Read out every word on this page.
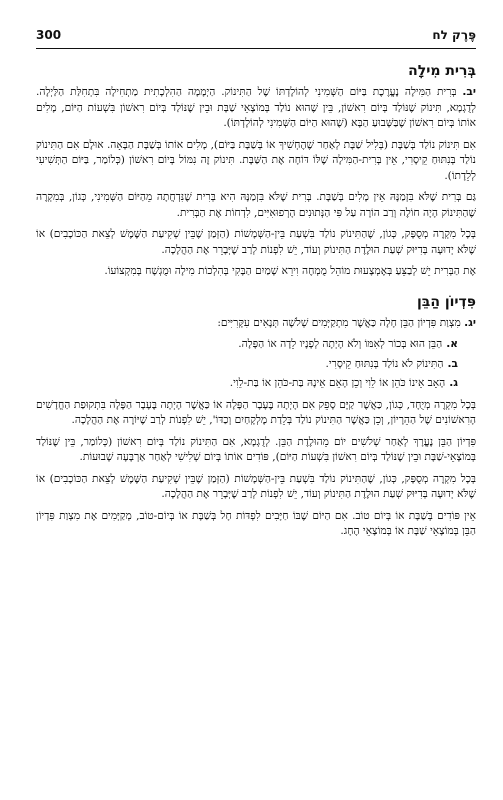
300	פֶּרֶק לח
בְּרִית מִילָה

יב. בְּרִית הַמִּילָה נֶעֱרֶכֶת בַּיּוֹם הַשְּׁמִינִי לְהוֹלָדְתּוֹ שֶׁל הַתִּינוֹק. הַיְמָמָה הַהִלְכָתִית מַתְחִילָה בִּתְחִלַּת הַלַּיְלָה. לְדֻגְמָא, תִּינוֹק שֶׁנּוֹלַד בְּיוֹם רִאשׁוֹן, בֵּין שֶׁהוּא נוֹלַד בְּמוֹצָאֵי שַׁבָּת וּבֵין שֶׁנּוֹלַד בְּיוֹם רִאשׁוֹן בִּשְׁעוֹת הַיּוֹם, מָלִים אוֹתוֹ בְּיוֹם רִאשׁוֹן שֶׁבַּשָּׁבוּעַ הַבָּא (שֶׁהוּא הַיּוֹם הַשְּׁמִינִי לְהוֹלָדְתּוֹ).

אִם תִּינוֹק נוֹלַד בְּשַׁבָּת (בְּלִיל שַׁבָּת לְאַחַר שֶׁהֶחְשִׁיךְ אוֹ בְּשַׁבָּת בַּיּוֹם), מָלִים אוֹתוֹ בְּשַׁבָּת הַבָּאָה. אוּלָם אִם הַתִּינוֹק נוֹלַד בְּנִתּוּחַ קֵיסָרִי, אֵין בְּרִית-הַמִּילָה שֶׁלּוֹ דּוֹחָה אֶת הַשַּׁבָּת. תִּינוֹק זֶה נִמּוֹל בְּיוֹם רִאשׁוֹן (כְּלוֹמַר, בַּיּוֹם הַתְּשִׁיעִי לְלֵדָתוֹ).

גַּם בְּרִית שֶׁלֹּא בִּזְמַנָּהּ אֵין מָלִים בְּשַׁבָּת. בְּרִית שֶׁלֹּא בִּזְמַנָּהּ הִיא בְּרִית שֶׁנִּדְחֲתָה מֵהַיּוֹם הַשְּׁמִינִי, כְּגוֹן, בְּמִקְרֶה שֶׁהַתִּינוֹק הָיָה חוֹלֶה וְרַב הוֹרָה עַל פִּי הַנְּתוּנִים הָרְפוּאִיִּים, לִדְחוֹת אֶת הַבְּרִית.

בְּכָל מִקְרֶה מְסֻפָּק, כְּגוֹן, שֶׁהַתִּינוֹק נוֹלַד בִּשְׁעַת בֵּין-הַשְּׁמָשׁוֹת (הַזְּמַן שֶׁבֵּין שְׁקִיעַת הַשֶּׁמֶשׁ לְצֵאת הַכּוֹכָבִים) אוֹ שֶׁלֹּא יְדוּעָה בְּדִיּוּק שְׁעַת הוּלֶדֶת הַתִּינוֹק וְעוֹד, יֵשׁ לִפְנוֹת לְרַב שֶׁיְּבָרֵר אֶת הַהֲלָכָה.

אֶת הַבְּרִית יֵשׁ לְבַצֵּעַ בְּאֶמְצָעוּת מוֹהֵל מֻמְחֶה וִירֵא שָׁמַיִם הַבָּקִי בְּהִלְכוֹת מִילָה וּמֻגְשָׁח בְּמִקְצוֹעוֹ.

פִּדְיוֹן הַבֵּן

יג. מִצְוַת פִּדְיוֹן הַבֵּן חָלָה כַּאֲשֶׁר מִתְקַיְּמִים שְׁלֹשָׁה תְּנָאִים עִקָּרִיִּים:

א.הַבֵּן הוּא בְּכוֹר לְאִמּוֹ וְלֹא הָיְתָה לְפָנָיו לֵדָה אוֹ הַפָּלָה.
ב.הַתִּינוֹק לֹא נוֹלַד בְּנִתּוּחַ קֵיסָרִי.
ג.הָאָב אֵינוֹ כֹּהֵן אוֹ לֵוִי וְכֵן הָאֵם אֵינָהּ בַּת-כֹּהֵן אוֹ בַּת-לֵוִי.

בְּכָל מִקְרֶה מְיֻחָד, כְּגוֹן, כַּאֲשֶׁר קַיָּם סָפֵק אִם הָיְתָה בֶּעָבָר הַפָּלָה אוֹ כַּאֲשֶׁר הָיְתָה בֶּעָבָר הַפָּלָה בִּתְקוּפַת הַחֳדָשִׁים הָרִאשׁוֹנִים שֶׁל הַהֵרָיוֹן, וְכֵן כַּאֲשֶׁר הַתִּינוֹק נוֹלַד בְּלֵדַת מֶלְקָחַיִם וְכַדּוֹ', יֵשׁ לִפְנוֹת לְרַב שֶׁיּוֹרֶה אֶת הַהֲלָכָה.

פִּדְיוֹן הַבֵּן נֶעֱרָךְ לְאַחַר שְׁלֹשִׁים יוֹם מֵהוּלֶדֶת הַבֵּן. לְדֻגְמָא, אִם הַתִּינוֹק נוֹלַד בְּיוֹם רִאשׁוֹן (כְּלוֹמַר, בֵּין שֶׁנּוֹלַד בְּמוֹצָאֵי-שַׁבָּת וּבֵין שֶׁנּוֹלַד בְּיוֹם רִאשׁוֹן בִּשְׁעוֹת הַיּוֹם), פּוֹדִים אוֹתוֹ בְּיוֹם שְׁלִישִׁי לְאַחַר אַרְבָּעָה שָׁבוּעוֹת.

בְּכָל מִקְרֶה מְסֻפָּק, כְּגוֹן, שֶׁהַתִּינוֹק נוֹלַד בִּשְׁעַת בֵּין-הַשְּׁמָשׁוֹת (הַזְּמַן שֶׁבֵּין שְׁקִיעַת הַשֶּׁמֶשׁ לְצֵאת הַכּוֹכָבִים) אוֹ שֶׁלֹּא יְדוּעָה בְּדִיּוּק שְׁעַת הוּלֶדֶת הַתִּינוֹק וְעוֹד, יֵשׁ לִפְנוֹת לְרַב שֶׁיְּבָרֵר אֶת הַהֲלָכָה.

אֵין פּוֹדִים בְּשַׁבָּת אוֹ בְּיוֹם טוֹב. אִם הַיּוֹם שֶׁבּוֹ חַיָּבִים לִפְדּוֹת חָל בְּשַׁבָּת אוֹ בְּיוֹם-טוֹב, מְקַיְּמִים אֶת מִצְוַת פִּדְיוֹן הַבֵּן בְּמוֹצָאֵי שַׁבָּת אוֹ בְּמוֹצָאֵי הֶחָג.
